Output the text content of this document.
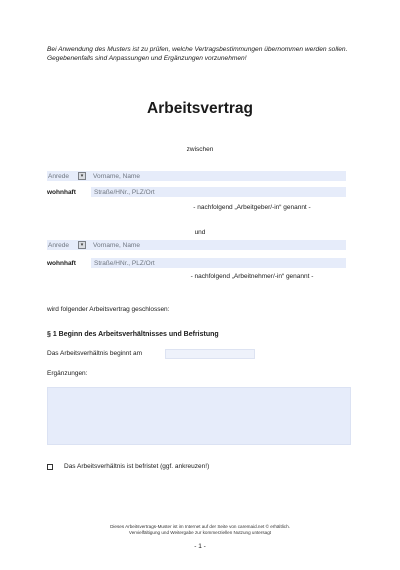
Bei Anwendung des Musters ist zu prüfen, welche Vertragsbestimmungen übernommen werden sollen. Gegebenenfalls sind Anpassungen und Ergänzungen vorzunehmen!
Arbeitsvertrag
zwischen
Anrede	▾	Vorname, Name
wohnhaft	Straße/HNr., PLZ/Ort
- nachfolgend „Arbeitgeber/-in“ genannt -
und
Anrede	▾	Vorname, Name
wohnhaft	Straße/HNr., PLZ/Ort
- nachfolgend „Arbeitnehmer/-in“ genannt -
wird folgender Arbeitsvertrag geschlossen:
§ 1 Beginn des Arbeitsverhältnisses und Befristung
Das Arbeitsverhältnis beginnt am
Ergänzungen:
Das Arbeitsverhältnis ist befristet (ggf. ankreuzen!)
Dieses Arbeitsvertrags-Muster ist im Internet auf der Seite von caremaid.net © erhältlich.
Vervielfältigung und Weitergabe zur kommerziellen Nutzung untersagt
- 1 -
